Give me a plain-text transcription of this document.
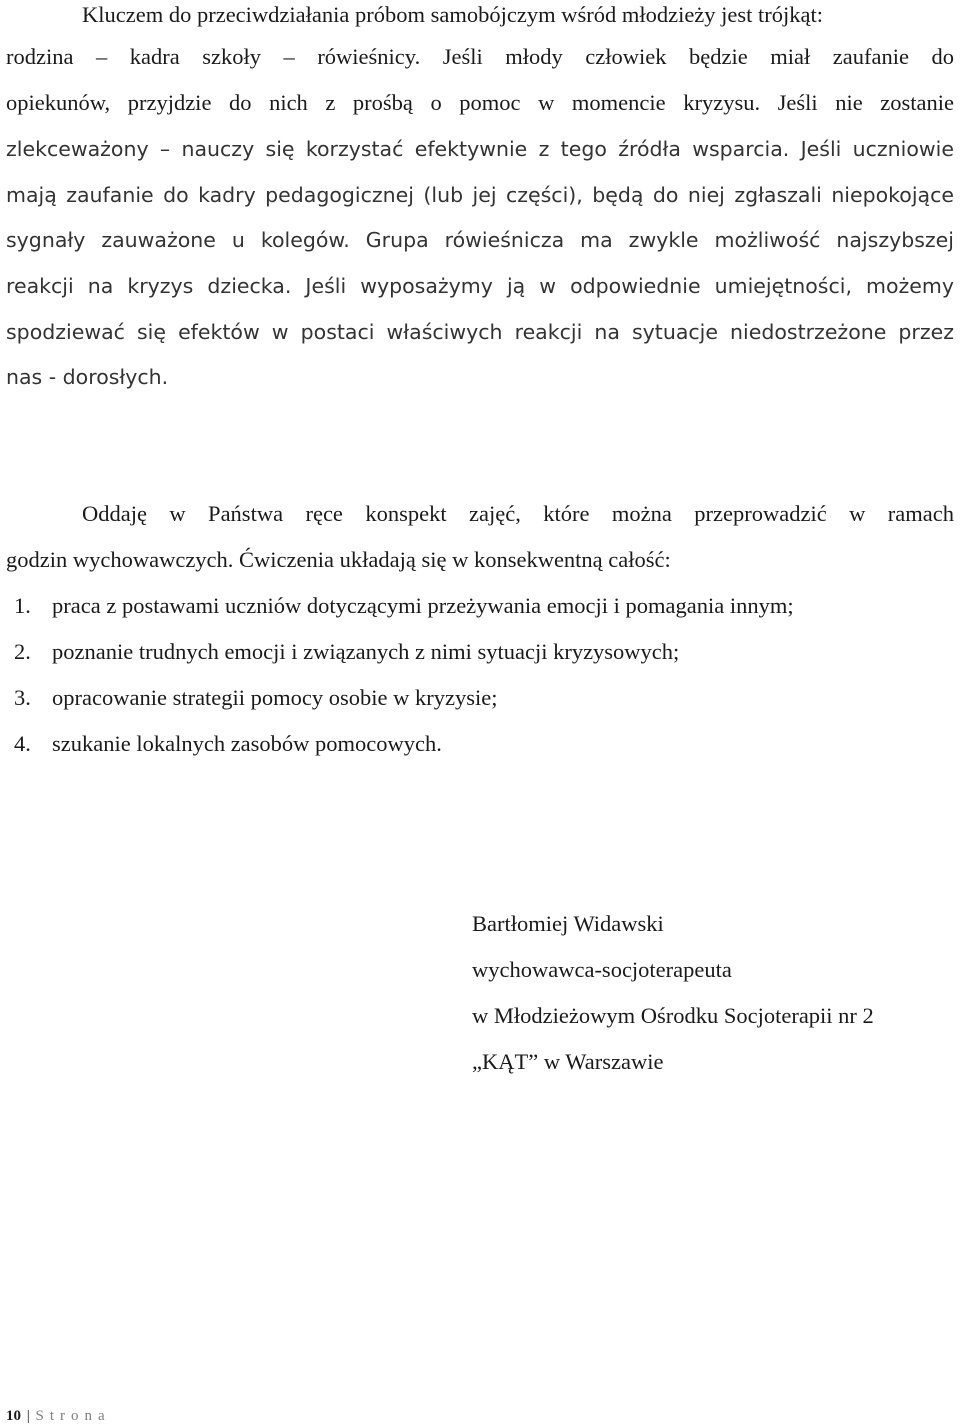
Kluczem do przeciwdziałania próbom samobójczym wśród młodzieży jest trójkąt:
rodzina – kadra szkoły – rówieśnicy. Jeśli młody człowiek będzie miał zaufanie do
opiekunów, przyjdzie do nich z prośbą o pomoc w momencie kryzysu. Jeśli nie zostanie
zlekceważony – nauczy się korzystać efektywnie z tego źródła wsparcia. Jeśli uczniowie
mają zaufanie do kadry pedagogicznej (lub jej części), będą do niej zgłaszali niepokojące
sygnały zauważone u kolegów. Grupa rówieśnicza ma zwykle możliwość najszybszej
reakcji na kryzys dziecka. Jeśli wyposażymy ją w odpowiednie umiejętności, możemy
spodziewać się efektów w postaci właściwych reakcji na sytuacje niedostrzeżone przez
nas - dorosłych.
Oddaję w Państwa ręce konspekt zajęć, które można przeprowadzić w ramach
godzin wychowawczych. Ćwiczenia układają się w konsekwentną całość:
1. praca z postawami uczniów dotyczącymi przeżywania emocji i pomagania innym;
2. poznanie trudnych emocji i związanych z nimi sytuacji kryzysowych;
3. opracowanie strategii pomocy osobie w kryzysie;
4. szukanie lokalnych zasobów pomocowych.
Bartłomiej Widawski
wychowawca-socjoterapeuta
w Młodzieżowym Ośrodku Socjoterapii nr 2
„KĄT” w Warszawie
10 | Strona
